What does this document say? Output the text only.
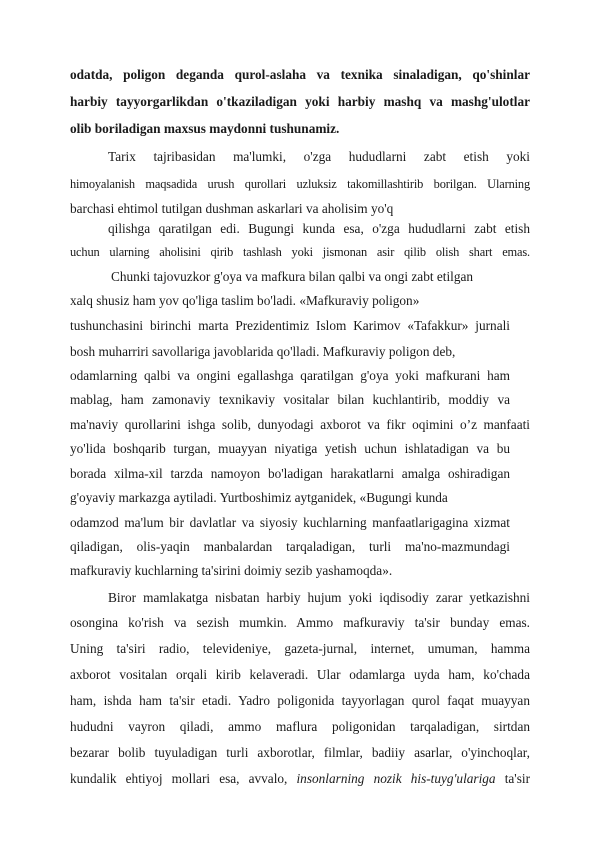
odatda, poligon deganda qurol-aslaha va texnika sinaladigan, qo'shinlar
harbiy tayyorgarlikdan o'tkaziladigan yoki harbiy mashq va mashg'ulotlar
olib boriladigan maxsus maydonni tushunamiz.
Tarix tajribasidan ma'lumki, o'zga hududlarni zabt etish yoki
himoyalanish maqsadida urush qurollari uzluksiz takomillashtirib borilgan. Ularning
barchasi ehtimol tutilgan dushman askarlari va aholisim yo'q
qilishga qaratilgan edi. Bugungi kunda esa, o'zga hududlarni zabt etish
uchun ularning aholisini qirib tashlash yoki jismonan asir qilib olish shart emas.
Chunki tajovuzkor g'oya va mafkura bilan qalbi va ongi zabt etilgan
xalq shusiz ham yov qo'liga taslim bo'ladi. «Mafkuraviy poligon»
tushunchasini birinchi marta Prezidentimiz Islom Karimov «Tafakkur» jurnali
bosh muharriri savollariga javoblarida qo'lladi. Mafkuraviy poligon deb,
odamlarning qalbi va ongini egallashga qaratilgan g'oya yoki mafkurani ham
mablag, ham zamonaviy texnikaviy vositalar bilan kuchlantirib, moddiy va
ma'naviy qurollarini ishga solib, dunyodagi axborot va fikr oqimini o’z manfaati
yo'lida boshqarib turgan, muayyan niyatiga yetish uchun ishlatadigan va bu
borada xilma-xil tarzda namoyon bo'ladigan harakatlarni amalga oshiradigan
g'oyaviy markazga aytiladi. Yurtboshimiz aytganidek, «Bugungi kunda
odamzod ma'lum bir davlatlar va siyosiy kuchlarning manfaatlarigagina xizmat
qiladigan, olis-yaqin manbalardan tarqaladigan, turli ma'no-mazmundagi
mafkuraviy kuchlarning ta'sirini doimiy sezib yashamoqda».
Biror mamlakatga nisbatan harbiy hujum yoki iqdisodiy zarar yetkazishni
osongina ko'rish va sezish mumkin. Ammo mafkuraviy ta'sir bunday emas.
Uning ta'siri radio, televideniye, gazeta-jurnal, internet, umuman, hamma
axborot vositalan orqali kirib kelaveradi. Ular odamlarga uyda ham, ko'chada
ham, ishda ham ta'sir etadi. Yadro poligonida tayyorlagan qurol faqat muayyan
hududni vayron qiladi, ammo maflura poligonidan tarqaladigan, sirtdan
bezarar bolib tuyuladigan turli axborotlar, filmlar, badiiy asarlar, o'yinchoqlar,
kundalik ehtiyoj mollari esa, avvalo, insonlarning nozik his-tuyg'ulariga ta'sir
